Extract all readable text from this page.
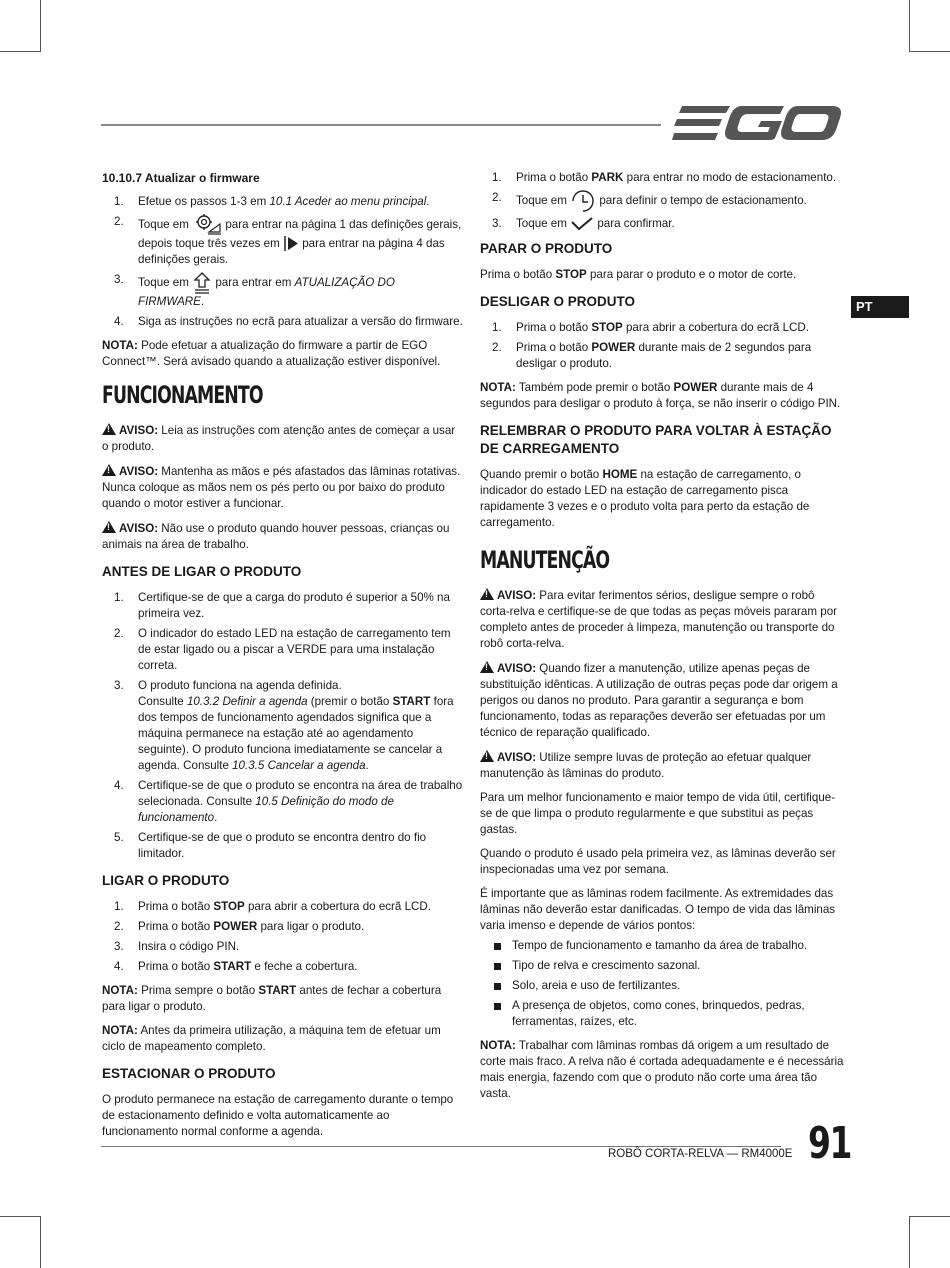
PT
10.10.7 Atualizar o firmware
1. Efetue os passos 1-3 em 10.1 Aceder ao menu principal.
2. Toque em	para entrar na página 1 das definições gerais, depois toque três vezes em  para entrar na página 4 das definições gerais.
3. Toque em  para entrar em ATUALIZAÇÃO DO FIRMWARE.
4. Siga as instruções no ecrã para atualizar a versão do firmware.

NOTA: Pode efetuar a atualização do firmware a partir de EGO Connect™. Será avisado quando a atualização estiver disponível.

FUNCIONAMENTO

!AVISO: Leia as instruções com atenção antes de começar a usar o produto.

!AVISO: Mantenha as mãos e pés afastados das lâminas rotativas. Nunca coloque as mãos nem os pés perto ou por baixo do produto quando o motor estiver a funcionar.

!AVISO: Não use o produto quando houver pessoas, crianças ou animais na área de trabalho.

ANTES DE LIGAR O PRODUTO
1. Certifique-se de que a carga do produto é superior a 50% na primeira vez.
2. O indicador do estado LED na estação de carregamento tem de estar ligado ou a piscar a VERDE para uma instalação correta.
3. O produto funciona na agenda definida.
Consulte 10.3.2 Definir a agenda (premir o botão START fora dos tempos de funcionamento agendados significa que a máquina permanece na estação até ao agendamento seguinte). O produto funciona imediatamente se cancelar a agenda. Consulte 10.3.5 Cancelar a agenda.
4. Certifique-se de que o produto se encontra na área de trabalho selecionada. Consulte 10.5 Definição do modo de funcionamento.
5. Certifique-se de que o produto se encontra dentro do fio limitador.
LIGAR O PRODUTO
1. Prima o botão STOP para abrir a cobertura do ecrã LCD.
2. Prima o botão POWER para ligar o produto.
3. Insira o código PIN.
4. Prima o botão START e feche a cobertura.

NOTA: Prima sempre o botão START antes de fechar a cobertura para ligar o produto.

NOTA: Antes da primeira utilização, a máquina tem de efetuar um ciclo de mapeamento completo.

ESTACIONAR O PRODUTO

O produto permanece na estação de carregamento durante o tempo de estacionamento definido e volta automaticamente ao funcionamento normal conforme a agenda.

1. Prima o botão PARK para entrar no modo de estacionamento.
2. Toque em  para definir o tempo de estacionamento.
3. Toque em  para confirmar.
PARAR O PRODUTO

Prima o botão STOP para parar o produto e o motor de corte.

DESLIGAR O PRODUTO
1. Prima o botão STOP para abrir a cobertura do ecrã LCD.
2. Prima o botão POWER durante mais de 2 segundos para desligar o produto.

NOTA: Também pode premir o botão POWER durante mais de 4 segundos para desligar o produto à força, se não inserir o código PIN.

RELEMBRAR O PRODUTO PARA VOLTAR À ESTAÇÃO DE CARREGAMENTO

Quando premir o botão HOME na estação de carregamento, o indicador do estado LED na estação de carregamento pisca rapidamente 3 vezes e o produto volta para perto da estação de carregamento.

MANUTENÇÃO

!AVISO: Para evitar ferimentos sérios, desligue sempre o robô corta-relva e certifique-se de que todas as peças móveis pararam por completo antes de proceder à limpeza, manutenção ou transporte do robô corta-relva.

!AVISO: Quando fizer a manutenção, utilize apenas peças de substituição idênticas. A utilização de outras peças pode dar origem a perigos ou danos no produto. Para garantir a segurança e bom funcionamento, todas as reparações deverão ser efetuadas por um técnico de reparação qualificado.

!AVISO: Utilize sempre luvas de proteção ao efetuar qualquer manutenção às lâminas do produto.

Para um melhor funcionamento e maior tempo de vida útil, certifique-se de que limpa o produto regularmente e que substitui as peças gastas.

Quando o produto é usado pela primeira vez, as lâminas deverão ser inspecionadas uma vez por semana.

É importante que as lâminas rodem facilmente. As extremidades das lâminas não deverão estar danificadas. O tempo de vida das lâminas varia imenso e depende de vários pontos:

Tempo de funcionamento e tamanho da área de trabalho.
Tipo de relva e crescimento sazonal.
Solo, areia e uso de fertilizantes.
A presença de objetos, como cones, brinquedos, pedras, ferramentas, raízes, etc.

NOTA: Trabalhar com lâminas rombas dá origem a um resultado de corte mais fraco. A relva não é cortada adequadamente e é necessária mais energia, fazendo com que o produto não corte uma área tão vasta.

ROBÔ CORTA-RELVA — RM4000E 91
